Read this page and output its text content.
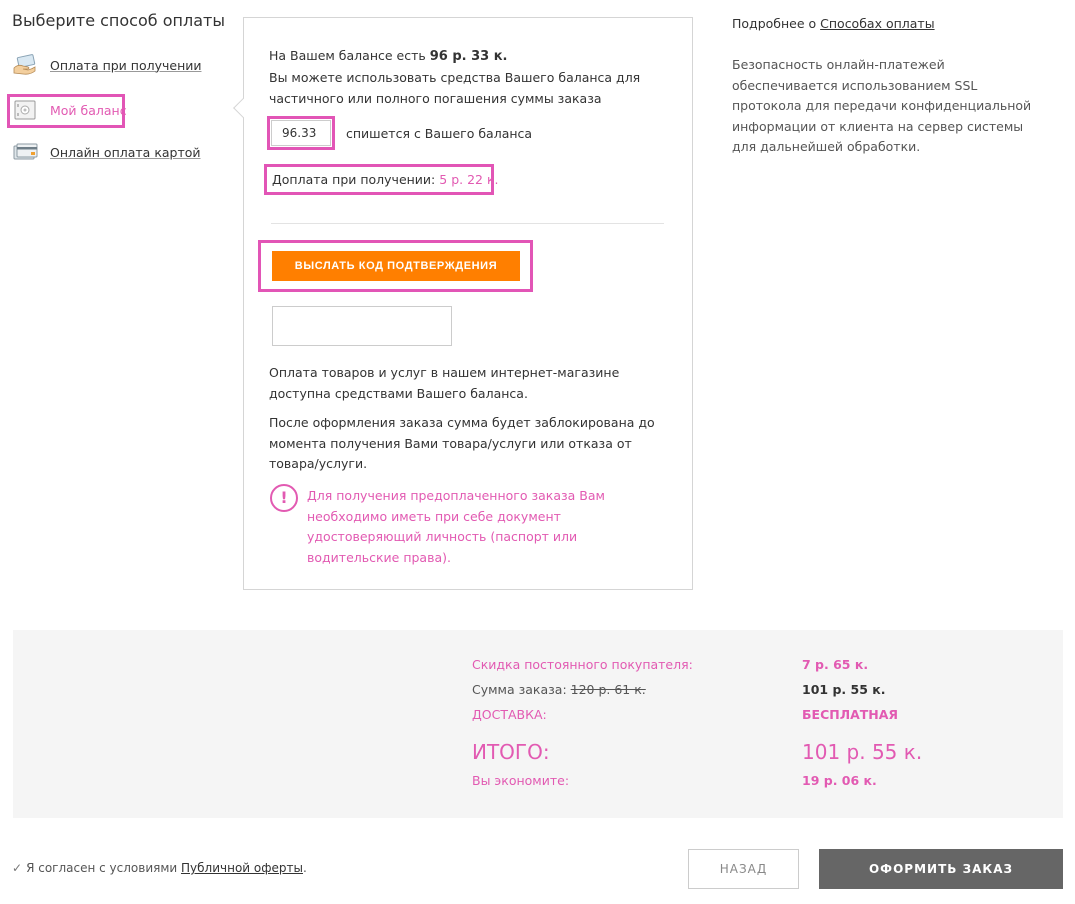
Выберите способ оплаты
Оплата при получении
Мой баланс
Онлайн оплата картой
На Вашем балансе есть 96 р. 33 к.
Вы можете использовать средства Вашего баланса для частичного или полного погашения суммы заказа
96.33
спишется с Вашего баланса
Доплата при получении: 5 р. 22 к.
ВЫСЛАТЬ КОД ПОДТВЕРЖДЕНИЯ
Оплата товаров и услуг в нашем интернет-магазине доступна средствами Вашего баланса.
После оформления заказа сумма будет заблокирована до момента получения Вами товара/услуги или отказа от товара/услуги.
!	Для получения предоплаченного заказа Вам необходимо иметь при себе документ удостоверяющий личность (паспорт или водительские права).
Подробнее о Способах оплаты
Безопасность онлайн-платежей обеспечивается использованием SSL протокола для передачи конфиденциальной информации от клиента на сервер системы для дальнейшей обработки.
Скидка постоянного покупателя:	7 р. 65 к.
Сумма заказа: 120 р. 61 к.	101 р. 55 к.
ДОСТАВКА:	БЕСПЛАТНАЯ
ИТОГО:	101 р. 55 к.
Вы экономите:	19 р. 06 к.
✓ Я согласен с условиями Публичной оферты.	НАЗАД	ОФОРМИТЬ ЗАКАЗ
